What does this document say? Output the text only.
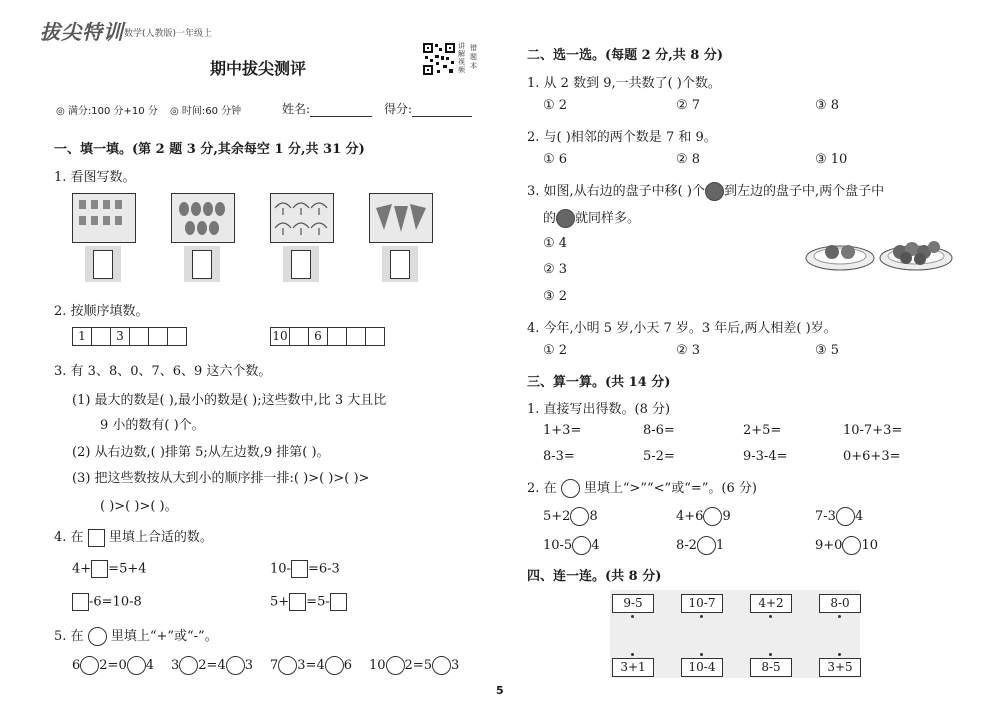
拔尖特训 数学(人教版)一年级上
讲解视频
错题本
期中拔尖测评
◎ 满分:100 分+10 分 ◎ 时间:60 分钟	姓名:	得分:
一、填一填。(第 2 题 3 分,其余每空 1 分,共 31 分)
1. 看图写数。
2. 按顺序填数。
1	3	10	6
3. 有 3、8、0、7、6、9 这六个数。
(1) 最大的数是( ),最小的数是( );这些数中,比 3 大且比
9 小的数有( )个。
(2) 从右边数,( )排第 5;从左边数,9 排第( )。
(3) 把这些数按从大到小的顺序排一排:( )>( )>( )>
( )>( )>( )。
4. 在 里填上合适的数。
4+ =5+4	10- =6-3
-6=10-8	5+ =5-
5. 在 里填上“+”或“-”。
6 2=0 4 3 2=4 3 7 3=4 6 10 2=5 3
二、选一选。(每题 2 分,共 8 分)
1. 从 2 数到 9,一共数了( )个数。
① 2	② 7	③ 8
2. 与( )相邻的两个数是 7 和 9。
① 6	② 8	③ 10
3. 如图,从右边的盘子中移( )个 到左边的盘子中,两个盘子中
的 就同样多。
① 4
② 3
③ 2
4. 今年,小明 5 岁,小天 7 岁。3 年后,两人相差( )岁。
① 2	② 3	③ 5
三、算一算。(共 14 分)
1. 直接写出得数。(8 分)
1+3=	8-6=	2+5=	10-7+3=
8-3=	5-2=	9-3-4=	0+6+3=
2. 在 里填上“>”“<”或“=”。(6 分)
5+2 8	4+6 9	7-3 4
10-5 4	8-2 1	9+0 10
四、连一连。(共 8 分)
9-5	10-7	4+2	8-0
3+1	10-4	8-5	3+5
5
